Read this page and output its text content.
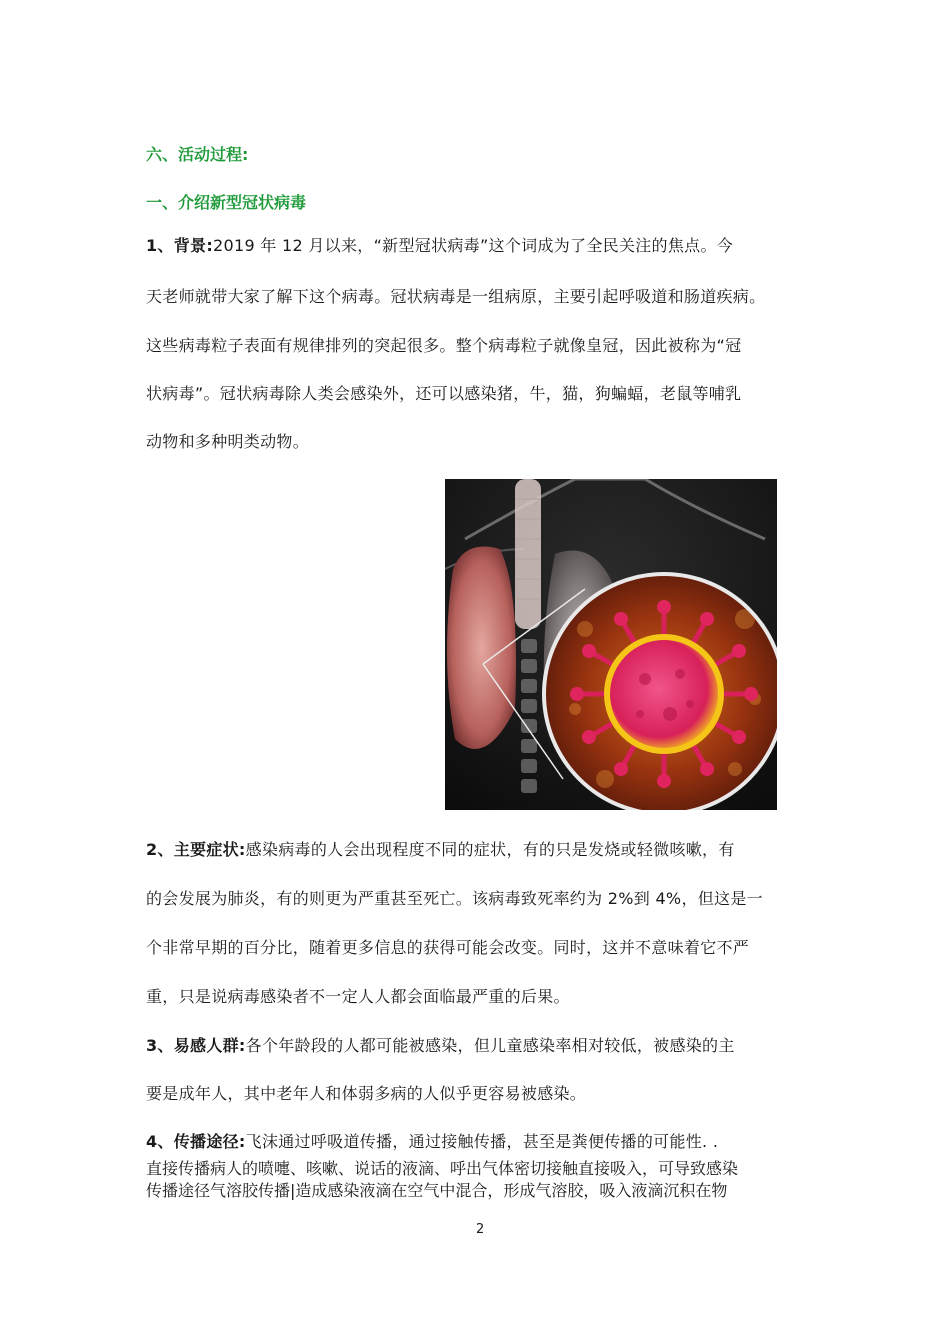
六、活动过程:
一、介绍新型冠状病毒
1、背景:2019 年 12 月以来，“新型冠状病毒”这个词成为了全民关注的焦点。今
天老师就带大家了解下这个病毒。冠状病毒是一组病原，主要引起呼吸道和肠道疾病。
这些病毒粒子表面有规律排列的突起很多。整个病毒粒子就像皇冠，因此被称为“冠
状病毒”。冠状病毒除人类会感染外，还可以感染猪，牛，猫，狗蝙蝠，老鼠等哺乳
动物和多种明类动物。
2、主要症状:感染病毒的人会出现程度不同的症状，有的只是发烧或轻微咳嗽，有
的会发展为肺炎，有的则更为严重甚至死亡。该病毒致死率约为 2%到 4%，但这是一
个非常早期的百分比，随着更多信息的获得可能会改变。同时，这并不意味着它不严
重，只是说病毒感染者不一定人人都会面临最严重的后果。
3、易感人群:各个年龄段的人都可能被感染，但儿童感染率相对较低，被感染的主
要是成年人，其中老年人和体弱多病的人似乎更容易被感染。
4、传播途径:飞沫通过呼吸道传播，通过接触传播，甚至是粪便传播的可能性. .
直接传播病人的喷嚏、咳嗽、说话的液滴、呼出气体密切接触直接吸入，可导致感染
传播途径气溶胶传播|造成感染液滴在空气中混合，形成气溶胶，吸入液滴沉积在物
2
